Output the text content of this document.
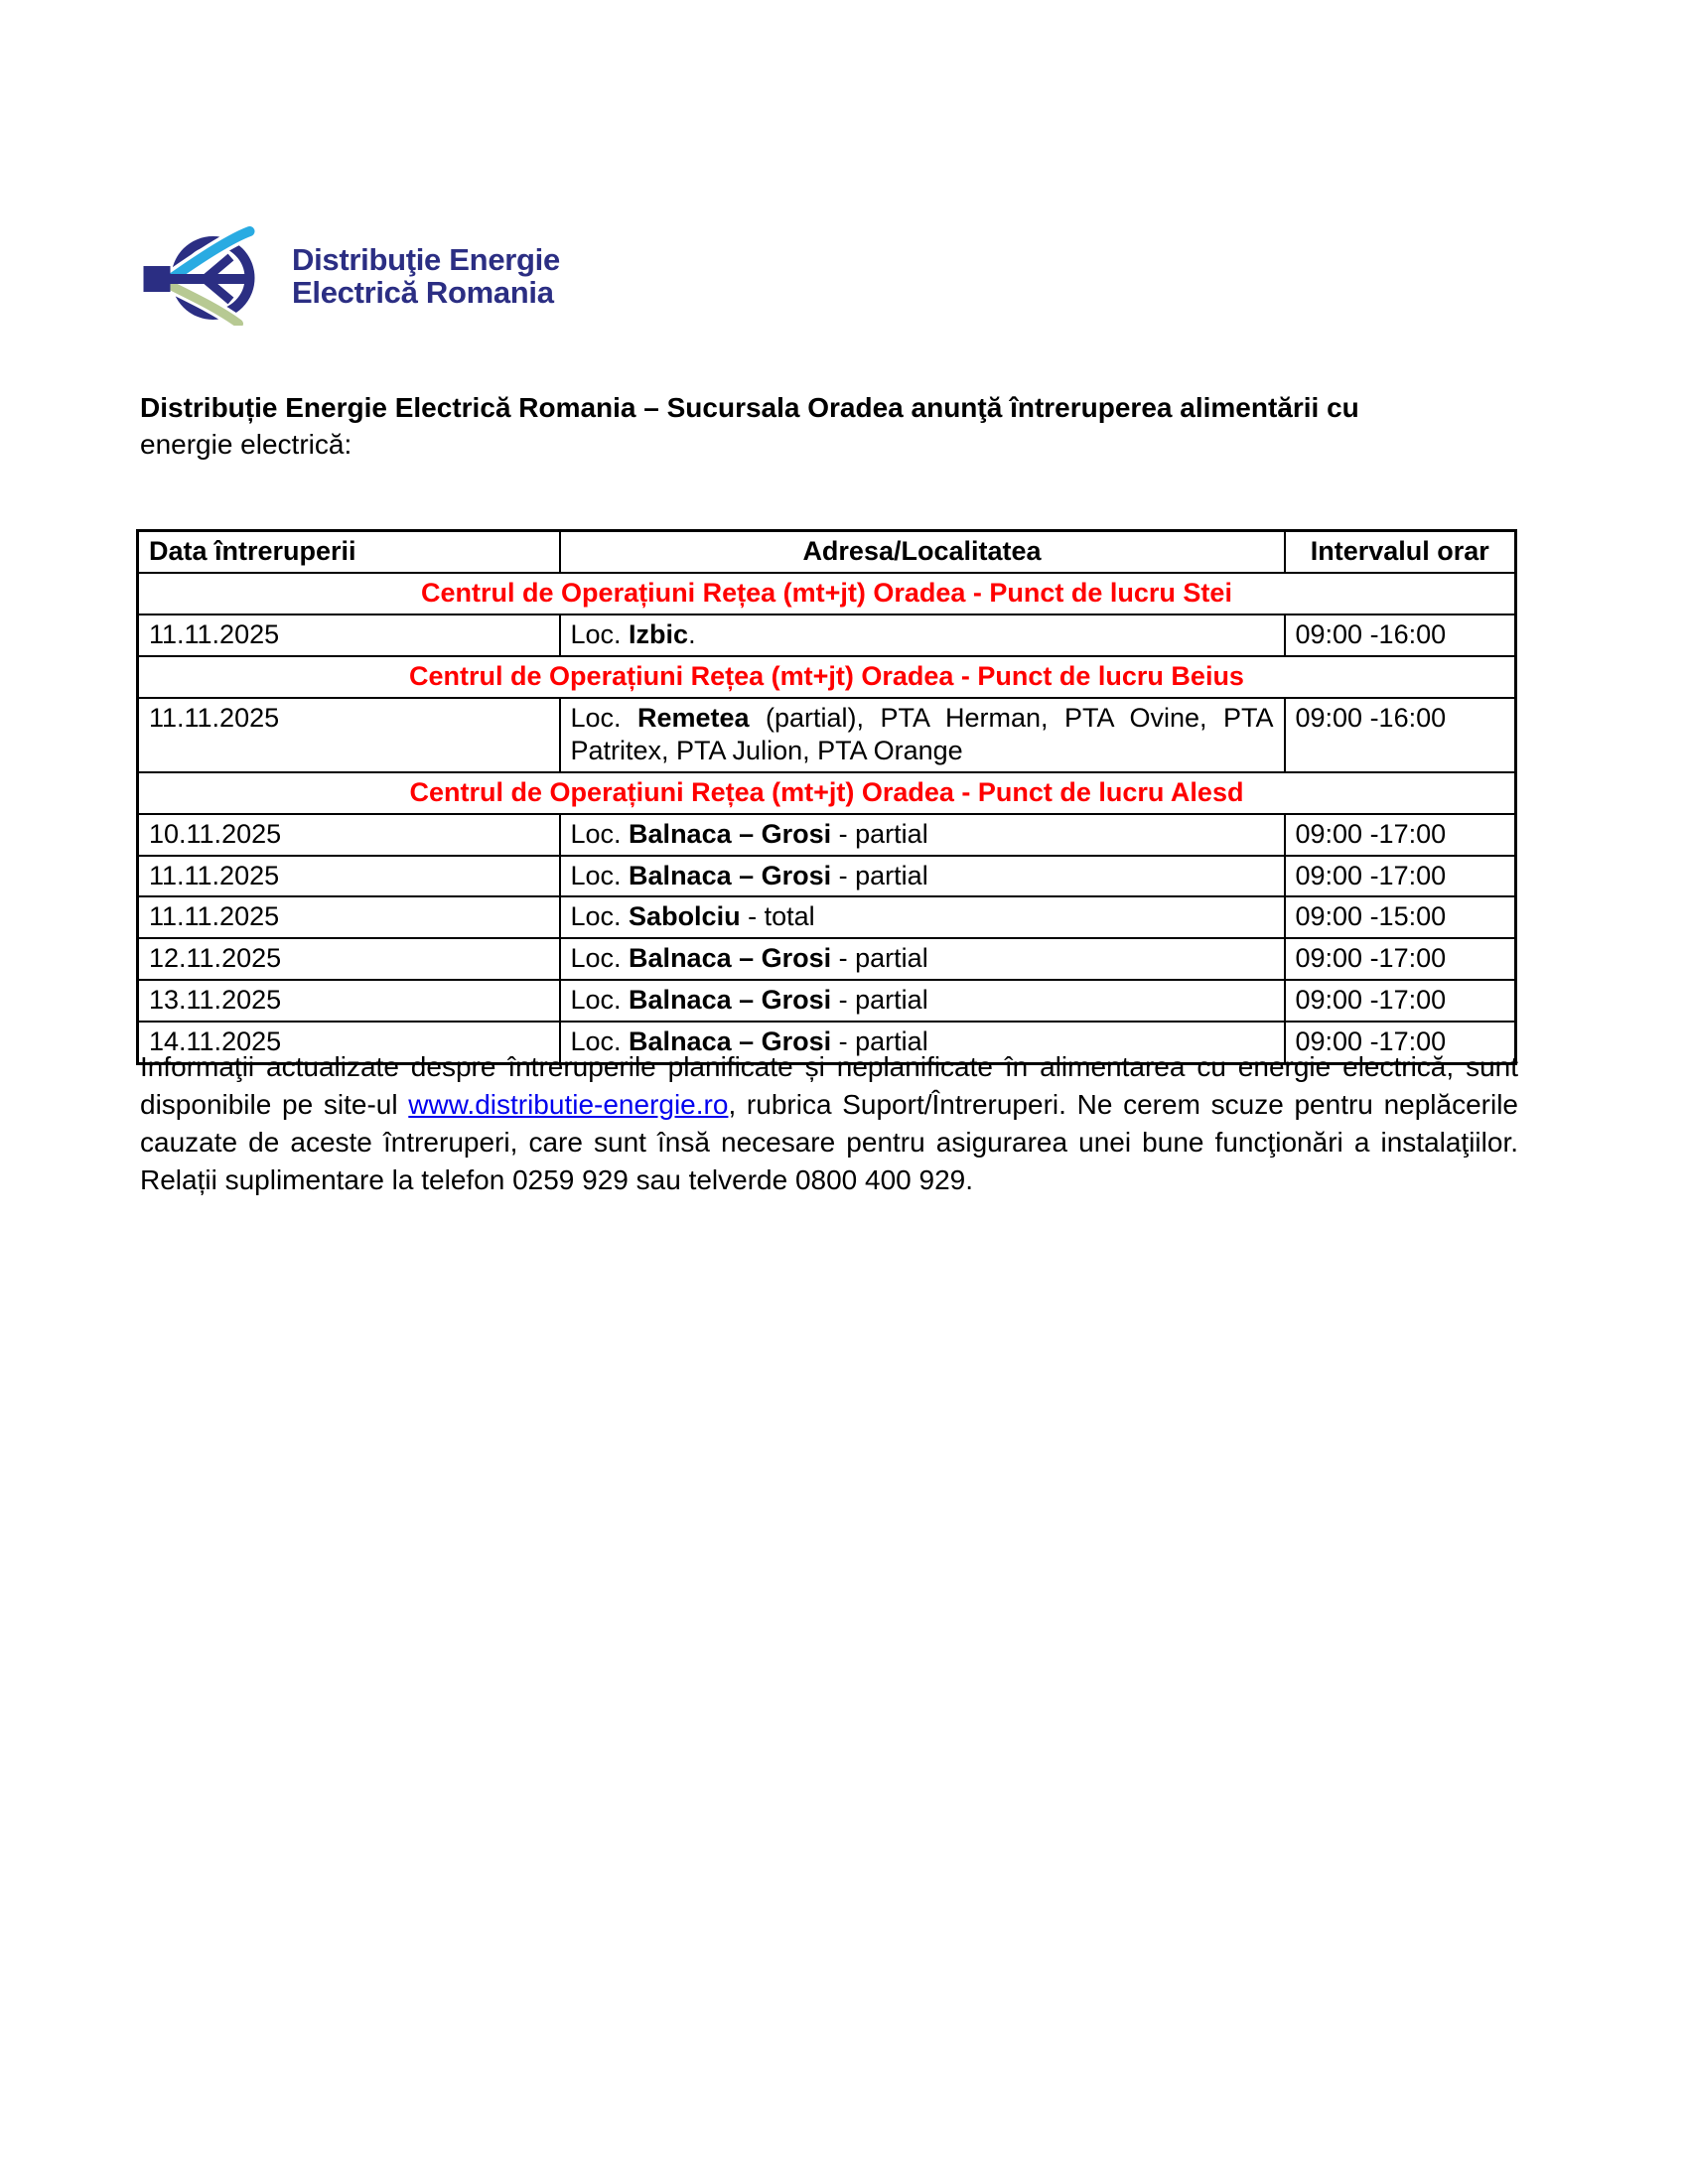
Distribuţie Energie
Electrică Romania

Distribuție Energie Electrică Romania – Sucursala Oradea anunţă întreruperea alimentării cu
energie electrică:

Data întreruperii	Adresa/Localitatea	Intervalul orar
Centrul de Operațiuni Rețea (mt+jt) Oradea - Punct de lucru Stei		
11.11.2025	Loc. Izbic.	09:00 -16:00
Centrul de Operațiuni Rețea (mt+jt) Oradea - Punct de lucru Beius		
11.11.2025	Loc. Remetea (partial), PTA Herman, PTA Ovine, PTA Patritex, PTA Julion, PTA Orange	09:00 -16:00
Centrul de Operațiuni Rețea (mt+jt) Oradea - Punct de lucru Alesd		
10.11.2025	Loc. Balnaca – Grosi - partial	09:00 -17:00
11.11.2025	Loc. Balnaca – Grosi - partial	09:00 -17:00
11.11.2025	Loc. Sabolciu - total	09:00 -15:00
12.11.2025	Loc. Balnaca – Grosi - partial	09:00 -17:00
13.11.2025	Loc. Balnaca – Grosi - partial	09:00 -17:00
14.11.2025	Loc. Balnaca – Grosi - partial	09:00 -17:00

Informaţii actualizate despre întreruperile planificate și neplanificate în alimentarea cu energie electrică, sunt disponibile pe site-ul www.distributie-energie.ro, rubrica Suport/Întreruperi. Ne cerem scuze pentru neplăcerile cauzate de aceste întreruperi, care sunt însă necesare pentru asigurarea unei bune funcţionări a instalaţiilor. Relații suplimentare la telefon 0259 929 sau telverde 0800 400 929.
